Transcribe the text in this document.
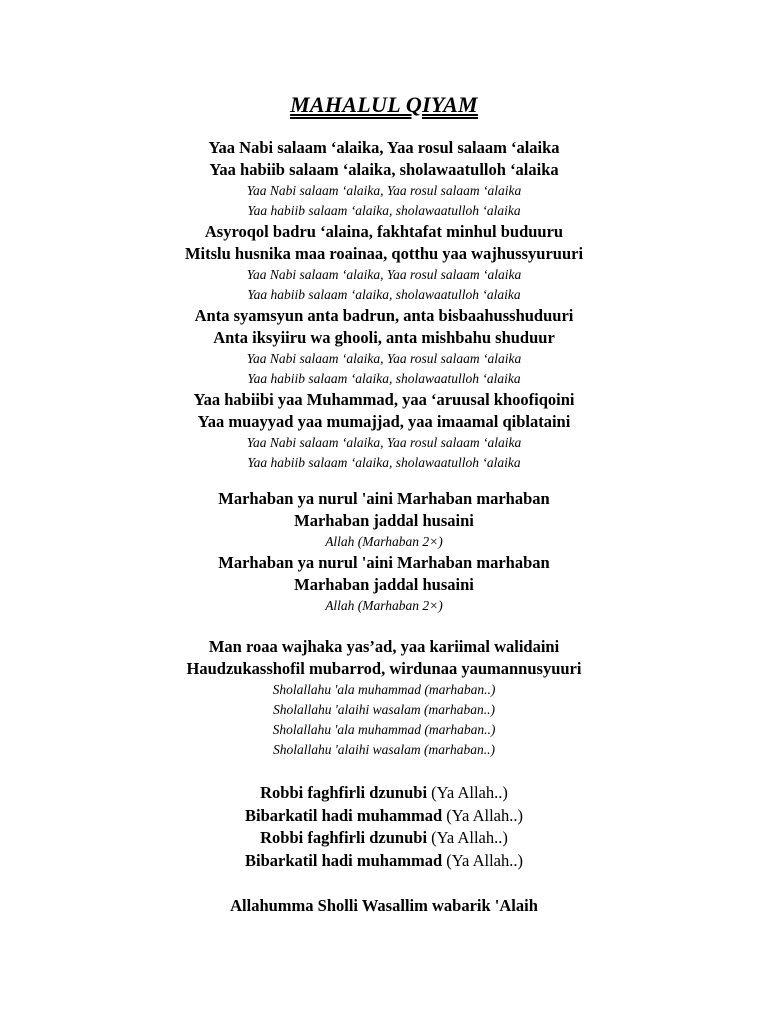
MAHALUL QIYAM
Yaa Nabi salaam ‘alaika, Yaa rosul salaam ‘alaika
Yaa habiib salaam ‘alaika, sholawaatulloh ‘alaika
Yaa Nabi salaam ‘alaika, Yaa rosul salaam ‘alaika
Yaa habiib salaam ‘alaika, sholawaatulloh ‘alaika
Asyroqol badru ‘alaina, fakhtafat minhul buduuru
Mitslu husnika maa roainaa, qotthu yaa wajhussyuruuri
Yaa Nabi salaam ‘alaika, Yaa rosul salaam ‘alaika
Yaa habiib salaam ‘alaika, sholawaatulloh ‘alaika
Anta syamsyun anta badrun, anta bisbaahusshuduuri
Anta iksyiiru wa ghooli, anta mishbahu shuduur
Yaa Nabi salaam ‘alaika, Yaa rosul salaam ‘alaika
Yaa habiib salaam ‘alaika, sholawaatulloh ‘alaika
Yaa habiibi yaa Muhammad, yaa ‘aruusal khoofiqoini
Yaa muayyad yaa mumajjad, yaa imaamal qiblataini
Yaa Nabi salaam ‘alaika, Yaa rosul salaam ‘alaika
Yaa habiib salaam ‘alaika, sholawaatulloh ‘alaika
Marhaban ya nurul 'aini Marhaban marhaban
Marhaban jaddal husaini
Allah (Marhaban 2×)
Marhaban ya nurul 'aini Marhaban marhaban
Marhaban jaddal husaini
Allah (Marhaban 2×)
Man roaa wajhaka yas’ad, yaa kariimal walidaini
Haudzukasshofil mubarrod, wirdunaa yaumannusyuuri
Sholallahu 'ala muhammad (marhaban..)
Sholallahu 'alaihi wasalam (marhaban..)
Sholallahu 'ala muhammad (marhaban..)
Sholallahu 'alaihi wasalam (marhaban..)
Robbi faghfirli dzunubi (Ya Allah..)
Bibarkatil hadi muhammad (Ya Allah..)
Robbi faghfirli dzunubi (Ya Allah..)
Bibarkatil hadi muhammad (Ya Allah..)
Allahumma Sholli Wasallim wabarik 'Alaih
